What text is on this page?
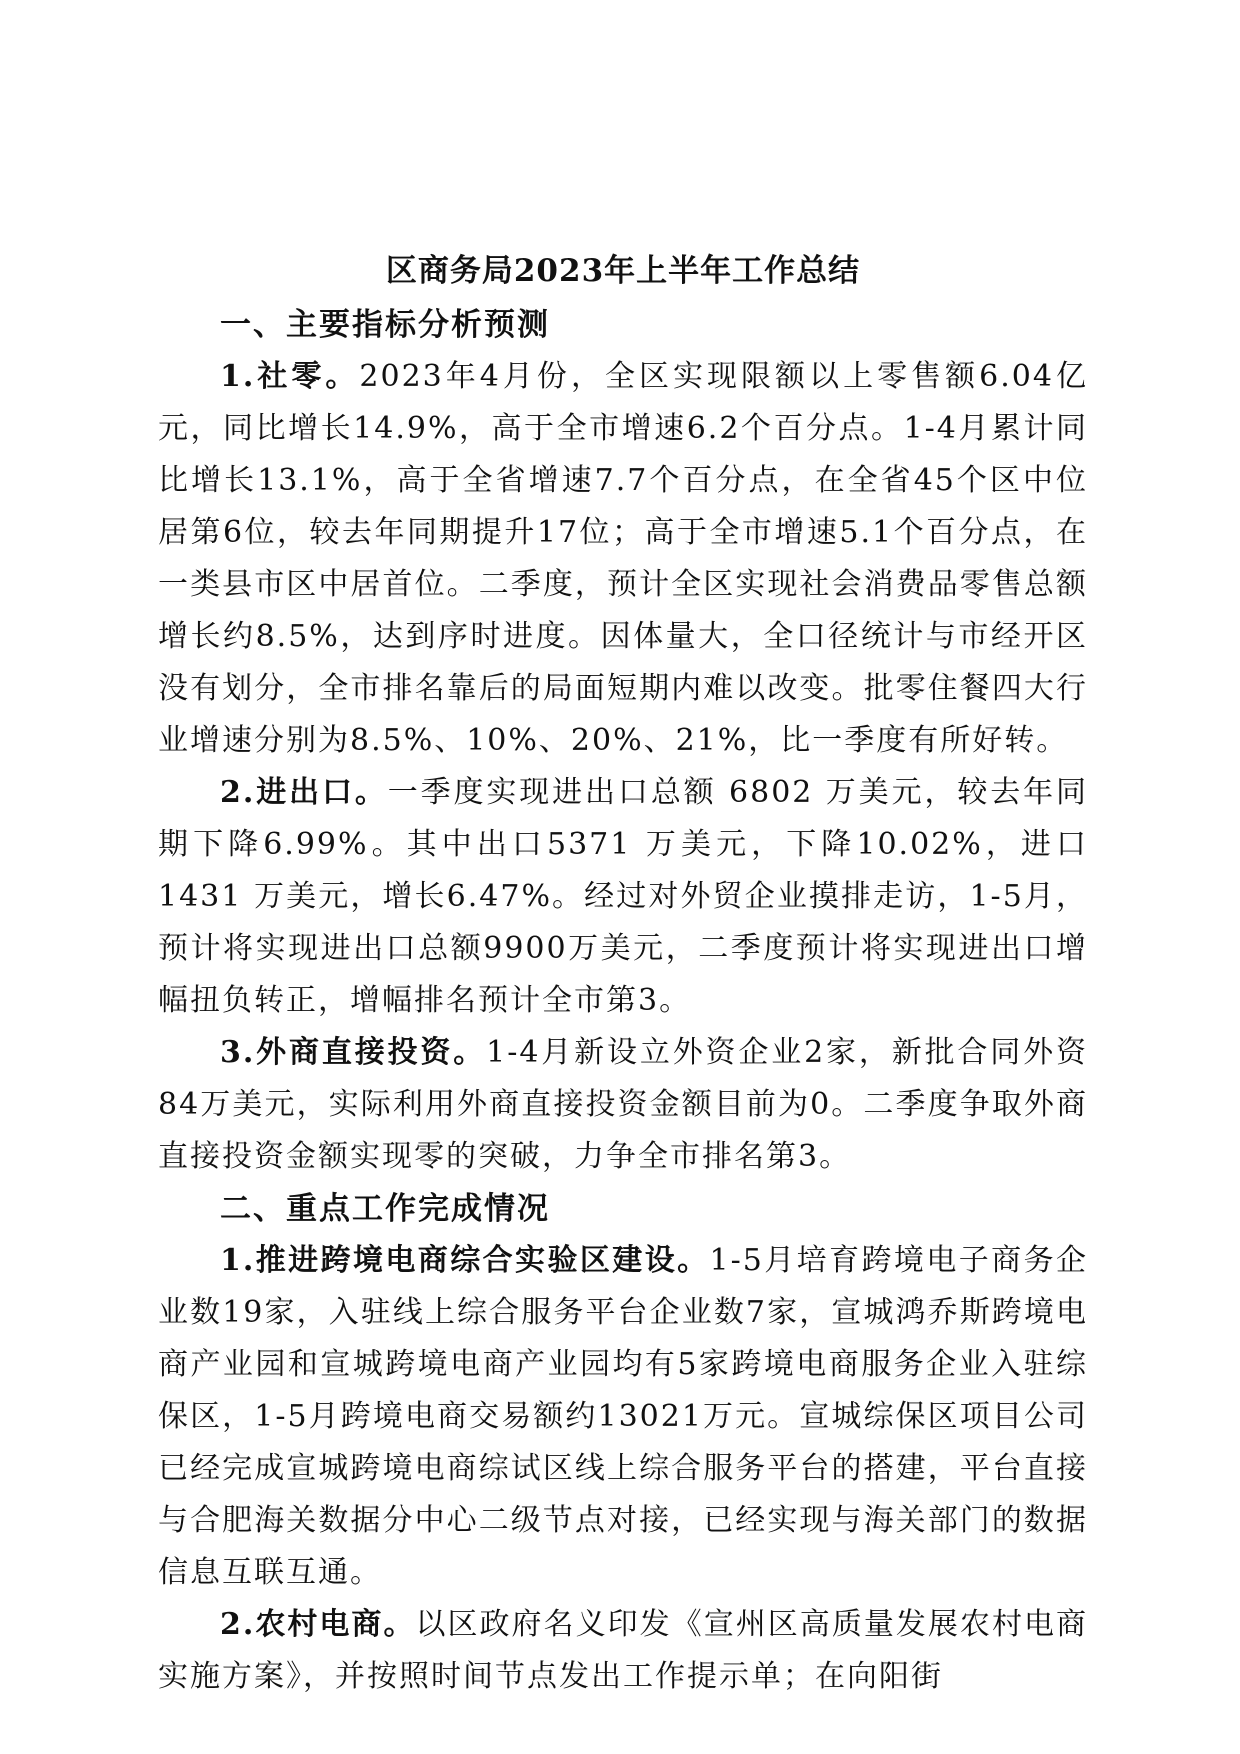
区商务局2023年上半年工作总结
一、主要指标分析预测

1.社零。2023年4月份，全区实现限额以上零售额6.04亿元，同比增长14.9%，高于全市增速6.2个百分点。1-4月累计同比增长13.1%，高于全省增速7.7个百分点，在全省45个区中位居第6位，较去年同期提升17位；高于全市增速5.1个百分点，在一类县市区中居首位。二季度，预计全区实现社会消费品零售总额增长约8.5%，达到序时进度。因体量大，全口径统计与市经开区没有划分，全市排名靠后的局面短期内难以改变。批零住餐四大行业增速分别为8.5%、10%、20%、21%，比一季度有所好转。

2.进出口。一季度实现进出口总额 6802 万美元，较去年同期下降6.99%。其中出口5371 万美元，下降10.02%，进口1431 万美元，增长6.47%。经过对外贸企业摸排走访，1-5月，预计将实现进出口总额9900万美元，二季度预计将实现进出口增幅扭负转正，增幅排名预计全市第3。

3.外商直接投资。1-4月新设立外资企业2家，新批合同外资84万美元，实际利用外商直接投资金额目前为0。二季度争取外商直接投资金额实现零的突破，力争全市排名第3。

二、重点工作完成情况

1.推进跨境电商综合实验区建设。1-5月培育跨境电子商务企业数19家，入驻线上综合服务平台企业数7家，宣城鸿乔斯跨境电商产业园和宣城跨境电商产业园均有5家跨境电商服务企业入驻综保区，1-5月跨境电商交易额约13021万元。宣城综保区项目公司已经完成宣城跨境电商综试区线上综合服务平台的搭建，平台直接与合肥海关数据分中心二级节点对接，已经实现与海关部门的数据信息互联互通。

2.农村电商。以区政府名义印发《宣州区高质量发展农村电商实施方案》，并按照时间节点发出工作提示单；在向阳街
